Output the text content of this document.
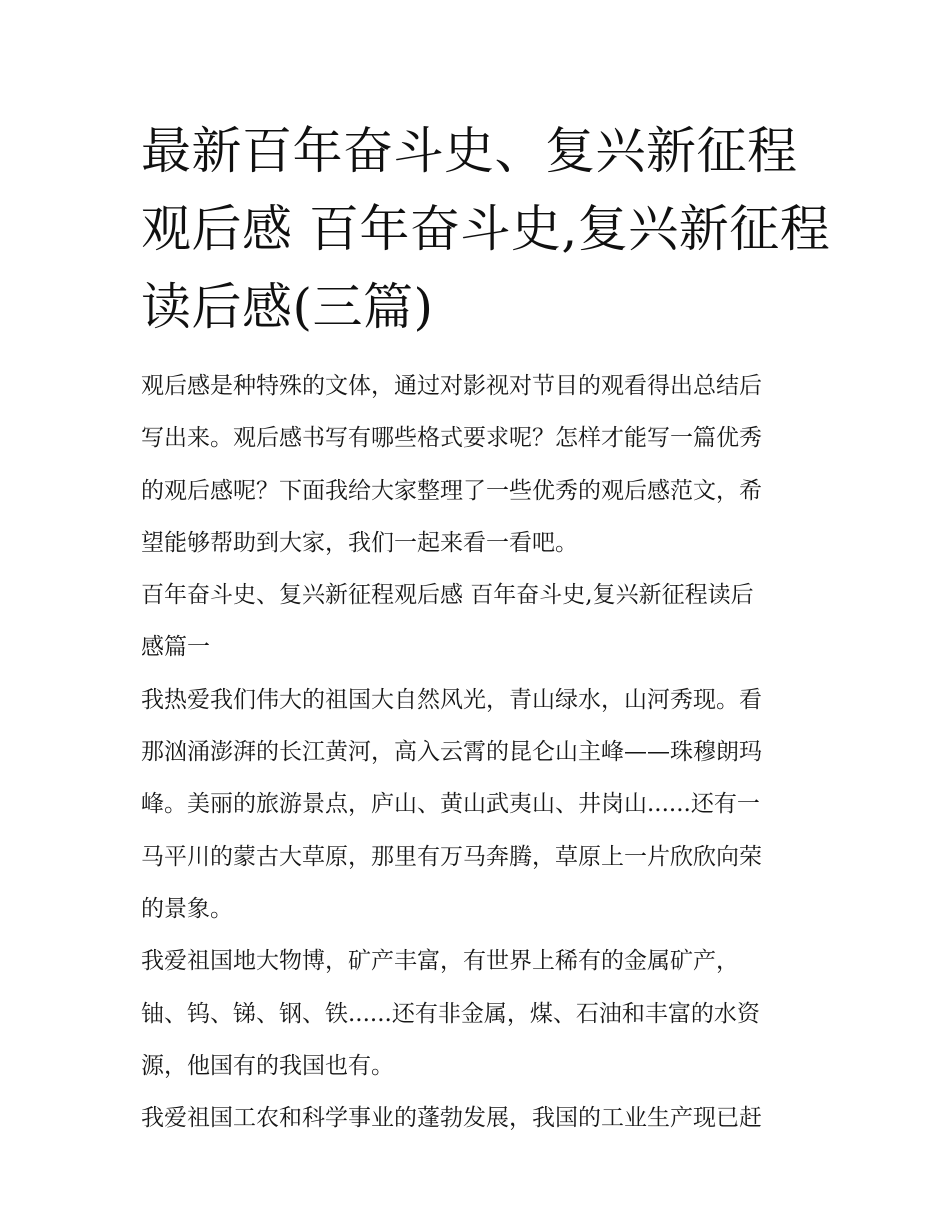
最新百年奋斗史、复兴新征程
观后感 百年奋斗史,复兴新征程
读后感(三篇)

观后感是种特殊的文体，通过对影视对节目的观看得出总结后
写出来。观后感书写有哪些格式要求呢？怎样才能写一篇优秀
的观后感呢？下面我给大家整理了一些优秀的观后感范文，希
望能够帮助到大家，我们一起来看一看吧。

百年奋斗史、复兴新征程观后感 百年奋斗史,复兴新征程读后
感篇一

我热爱我们伟大的祖国大自然风光，青山绿水，山河秀现。看
那汹涌澎湃的长江黄河，高入云霄的昆仑山主峰——珠穆朗玛
峰。美丽的旅游景点，庐山、黄山武夷山、井岗山......还有一
马平川的蒙古大草原，那里有万马奔腾，草原上一片欣欣向荣
的景象。

我爱祖国地大物博，矿产丰富，有世界上稀有的金属矿产，
铀、钨、锑、钢、铁......还有非金属，煤、石油和丰富的水资
源，他国有的我国也有。

我爱祖国工农和科学事业的蓬勃发展，我国的工业生产现已赶
